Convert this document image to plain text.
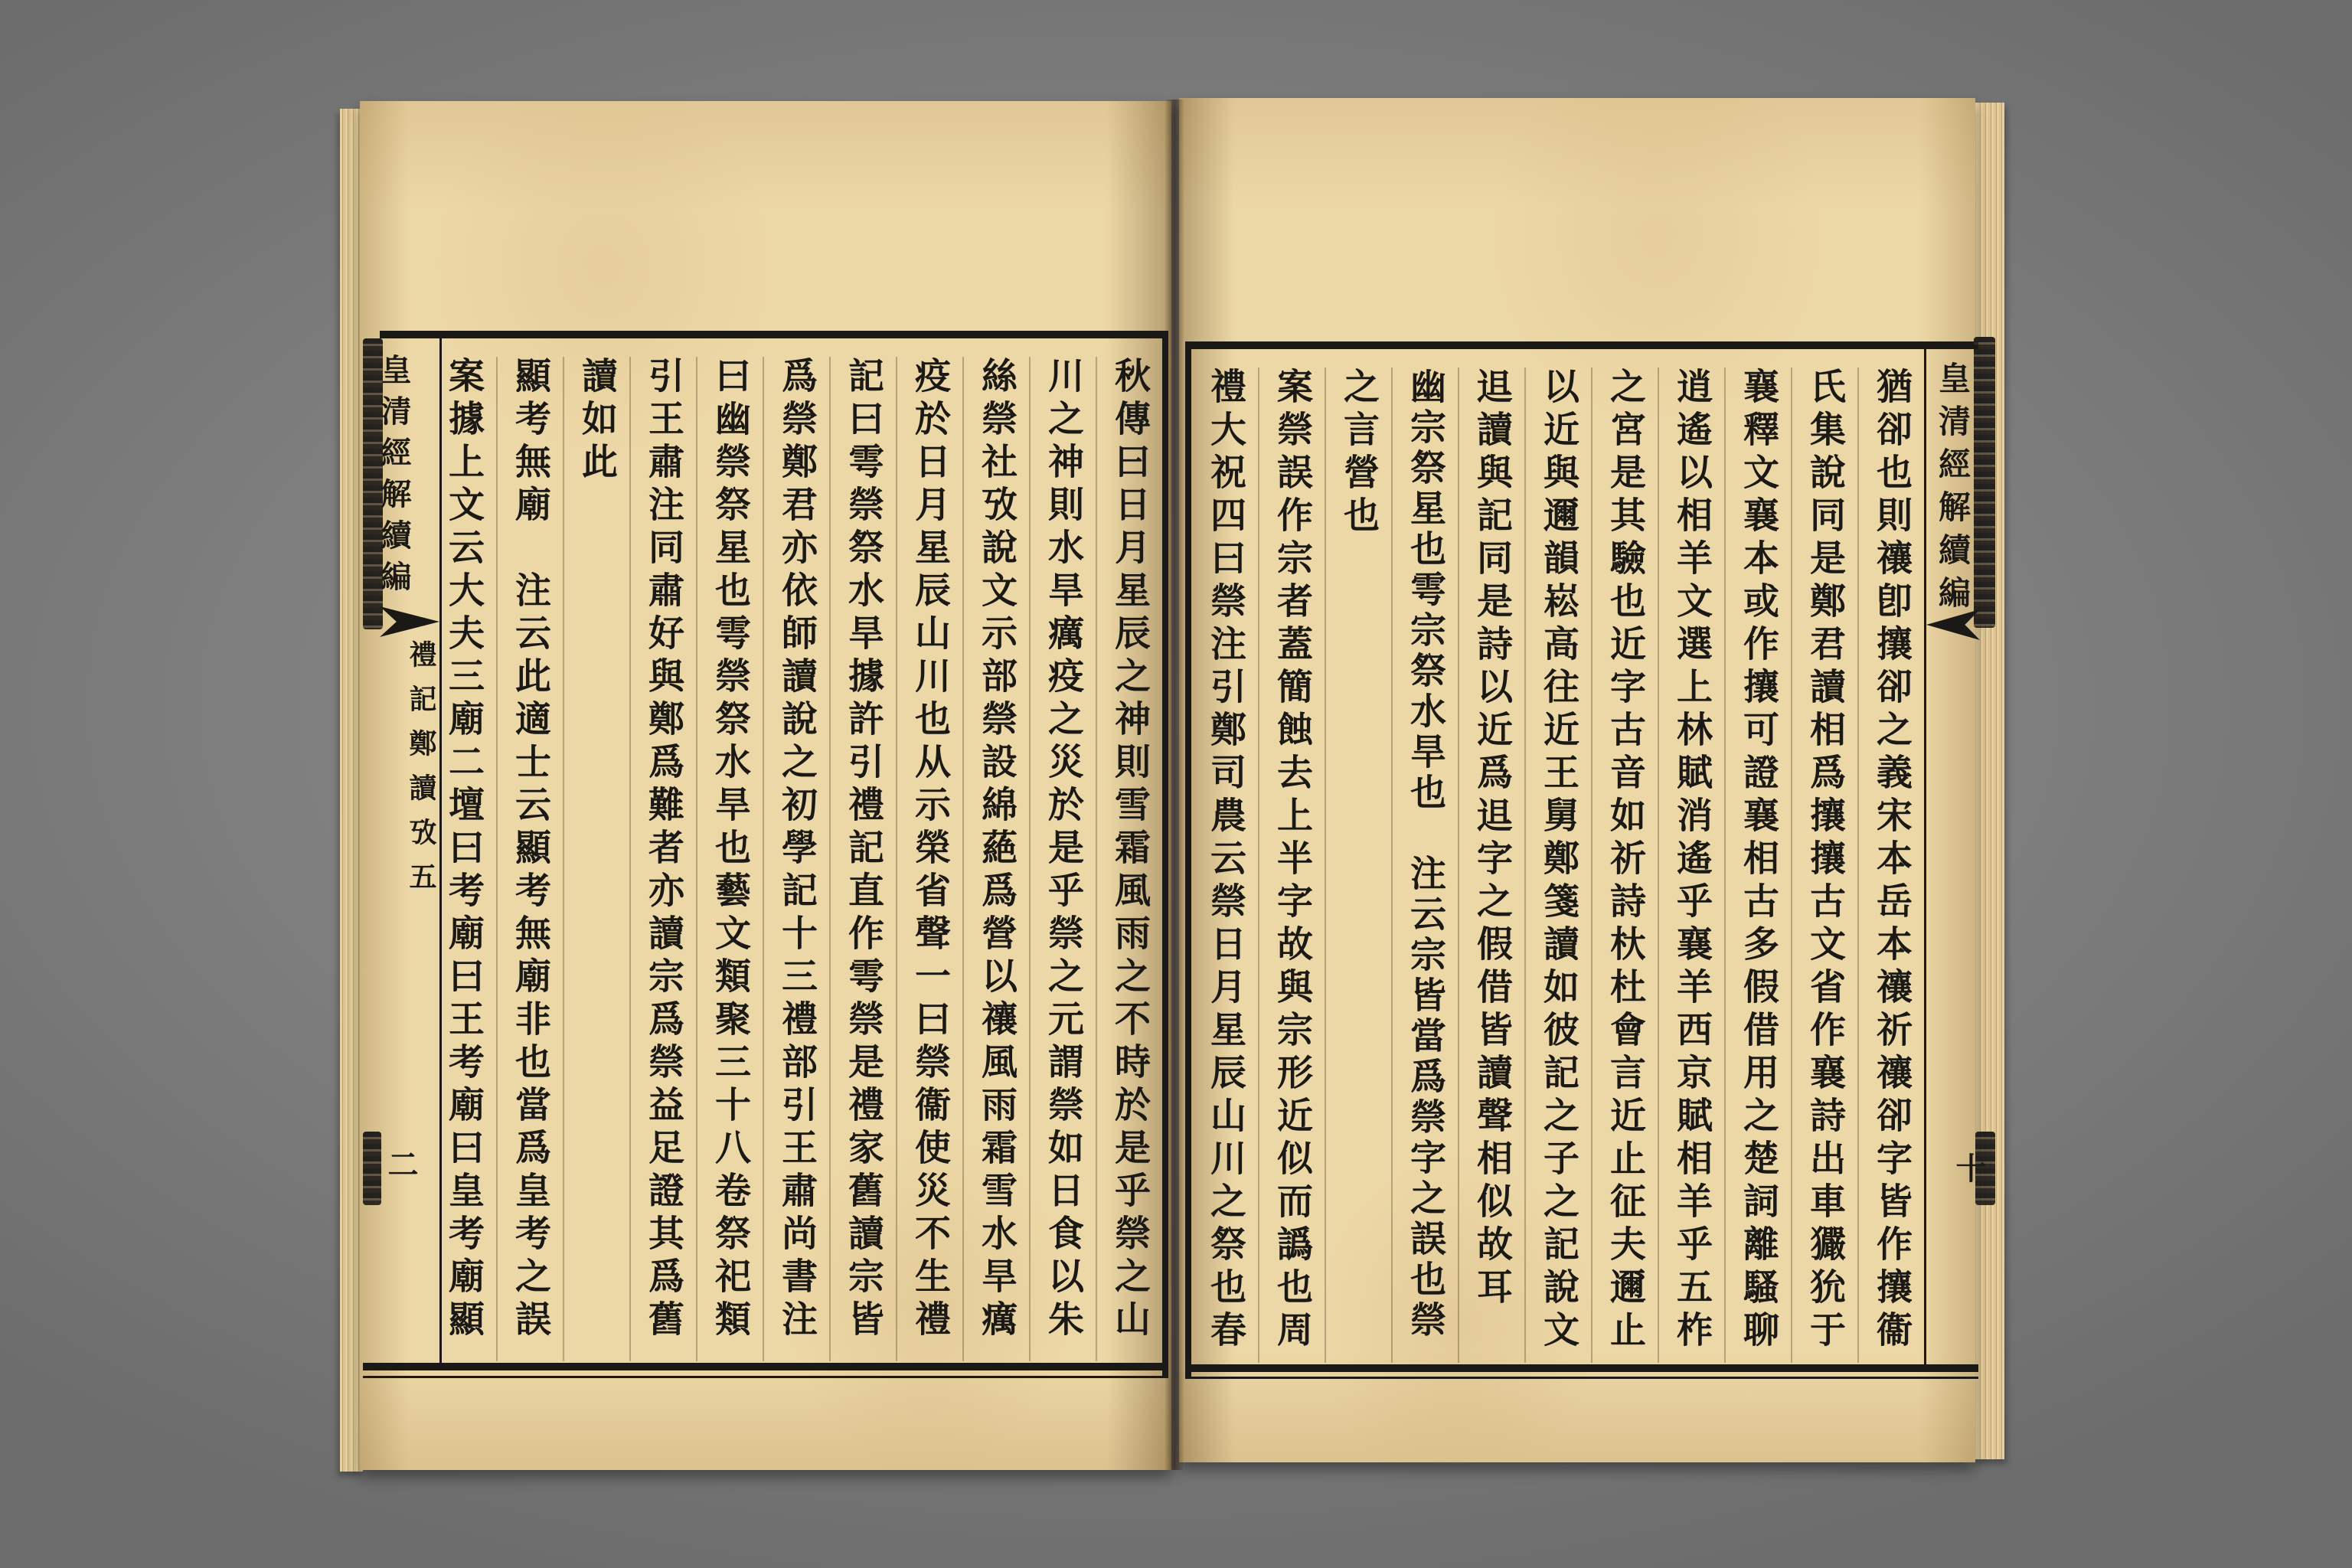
皇清經解續編
禮記鄭讀攷五
二	秋傳曰日月星辰之神則雪霜風雨之不時於是乎禜之山
川之神則水旱癘疫之災於是乎禜之元謂禜如日食以朱
絲禜社攷說文示部禜設綿蕝爲營以禳風雨霜雪水旱癘
疫於日月星辰山川也从示榮省聲一曰禜衞使災不生禮
記曰雩禜祭水旱據許引禮記直作雩禜是禮家舊讀宗皆
爲禜鄭君亦依師讀說之初學記十三禮部引王肅尚書注
曰幽禜祭星也雩禜祭水旱也藝文類聚三十八卷祭祀類
引王肅注同肅好與鄭爲難者亦讀宗爲禜益足證其爲舊
讀如此
顯考無廟　注云此適士云顯考無廟非也當爲皇考之誤
案據上文云大夫三廟二壇曰考廟曰王考廟曰皇考廟顯	皇清經解續編
十
猶卻也則禳卽攘卻之義宋本岳本禳祈禳卻字皆作攘衞
氏集說同是鄭君讀相爲攘攘古文省作襄詩出車玁狁于
襄釋文襄本或作攘可證襄相古多假借用之楚詞離騷聊
逍遙以相羊文選上林賦消遙乎襄羊西京賦相羊乎五柞
之宮是其驗也近字古音如祈詩杕杜會言近止征夫邇止
以近與邇韻崧高往近王舅鄭箋讀如彼記之子之記說文
䢐讀與記同是詩以近爲䢐字之假借皆讀聲相似故耳
幽宗祭星也雩宗祭水旱也　注云宗皆當爲禜字之誤也禜
之言營也
案禜誤作宗者蓋簡蝕去上半字故與宗形近似而譌也周
禮大祝四曰禜注引鄭司農云禜日月星辰山川之祭也春
